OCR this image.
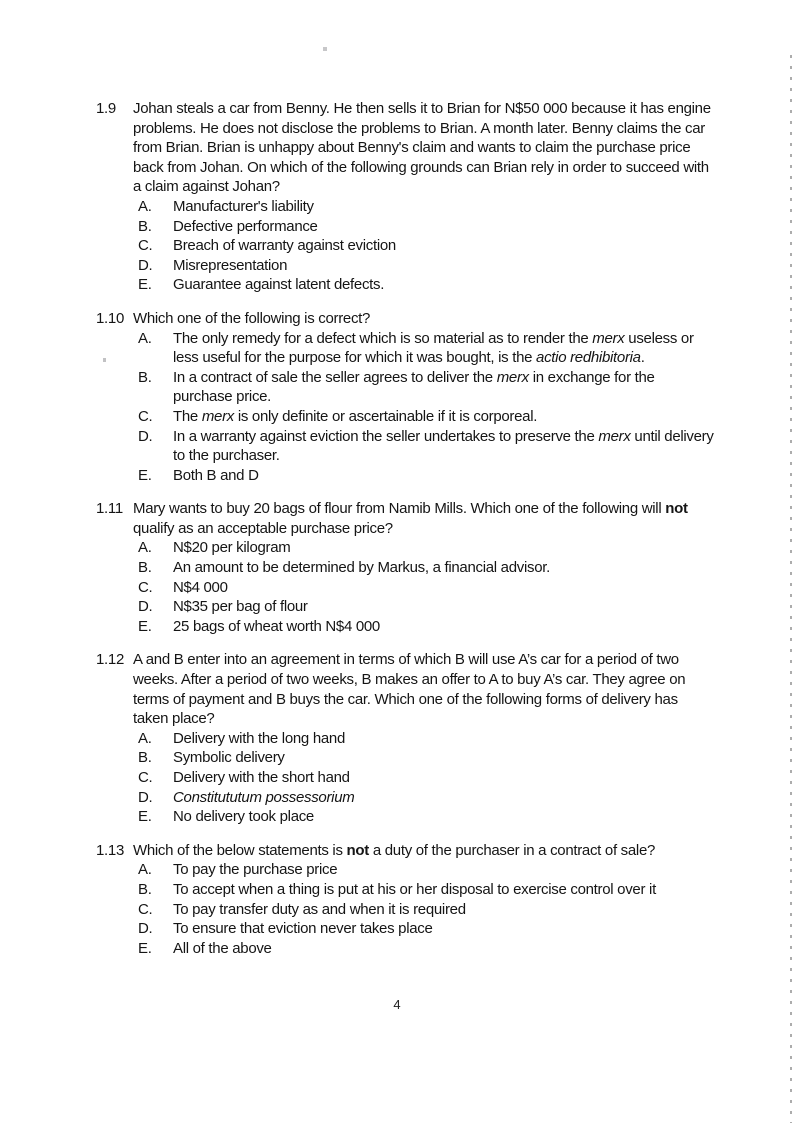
1.9	Johan steals a car from Benny. He then sells it to Brian for N$50 000 because it has engine problems. He does not disclose the problems to Brian. A month later. Benny claims the car from Brian. Brian is unhappy about Benny's claim and wants to claim the purchase price back from Johan. On which of the following grounds can Brian rely in order to succeed with a claim against Johan?
A.	Manufacturer's liability
B.	Defective performance
C.	Breach of warranty against eviction
D.	Misrepresentation
E.	Guarantee against latent defects.
1.10 Which one of the following is correct?
A.	The only remedy for a defect which is so material as to render the merx useless or less useful for the purpose for which it was bought, is the actio redhibitoria.
B.	In a contract of sale the seller agrees to deliver the merx in exchange for the purchase price.
C.	The merx is only definite or ascertainable if it is corporeal.
D.	In a warranty against eviction the seller undertakes to preserve the merx until delivery to the purchaser.
E.	Both B and D
1.11 Mary wants to buy 20 bags of flour from Namib Mills. Which one of the following will not qualify as an acceptable purchase price?
A.	N$20 per kilogram
B.	An amount to be determined by Markus, a financial advisor.
C.	N$4 000
D.	N$35 per bag of flour
E.	25 bags of wheat worth N$4 000
1.12 A and B enter into an agreement in terms of which B will use A’s car for a period of two weeks. After a period of two weeks, B makes an offer to A to buy A’s car. They agree on terms of payment and B buys the car. Which one of the following forms of delivery has taken place?
A.	Delivery with the long hand
B.	Symbolic delivery
C.	Delivery with the short hand
D.	Constitututum possessorium
E.	No delivery took place
1.13 Which of the below statements is not a duty of the purchaser in a contract of sale?
A.	To pay the purchase price
B.	To accept when a thing is put at his or her disposal to exercise control over it
C.	To pay transfer duty as and when it is required
D.	To ensure that eviction never takes place
E.	All of the above
4
